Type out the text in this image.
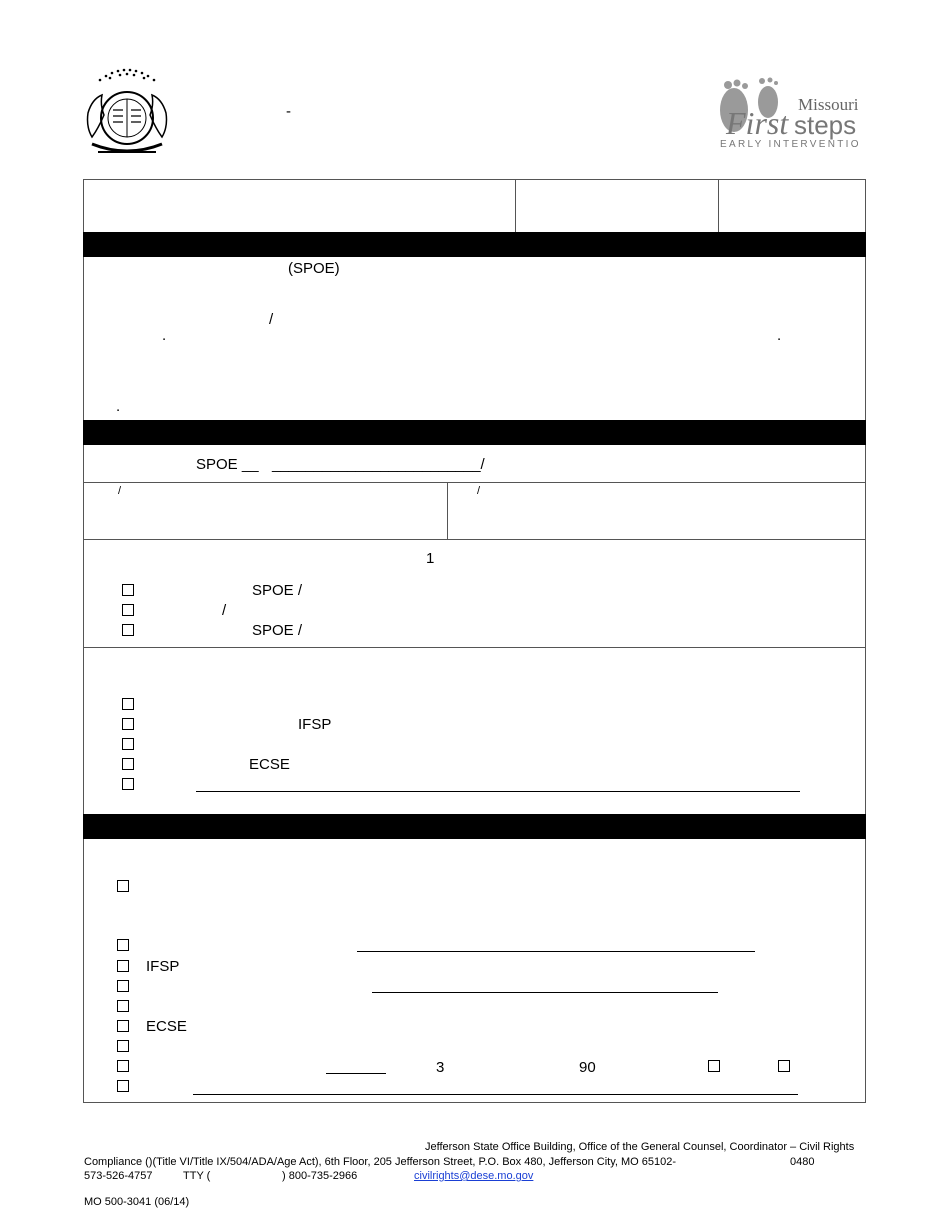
-	Missouri
First steps
EARLY INTERVENTION
(SPOE)
/
.	.
.
SPOE __ _________________________/
/	/
1
SPOE /
/
SPOE /
IFSP
ECSE
IFSP
ECSE
3	90
Jefferson State Office Building, Office of the General Counsel, Coordinator – Civil Rights
Compliance ()(Title VI/Title IX/504/ADA/Age Act), 6th Floor, 205 Jefferson Street, P.O. Box 480, Jefferson City, MO 65102-	0480
573-526-4757	TTY (	) 800-735-2966	civilrights@dese.mo.gov
MO 500-3041 (06/14)
